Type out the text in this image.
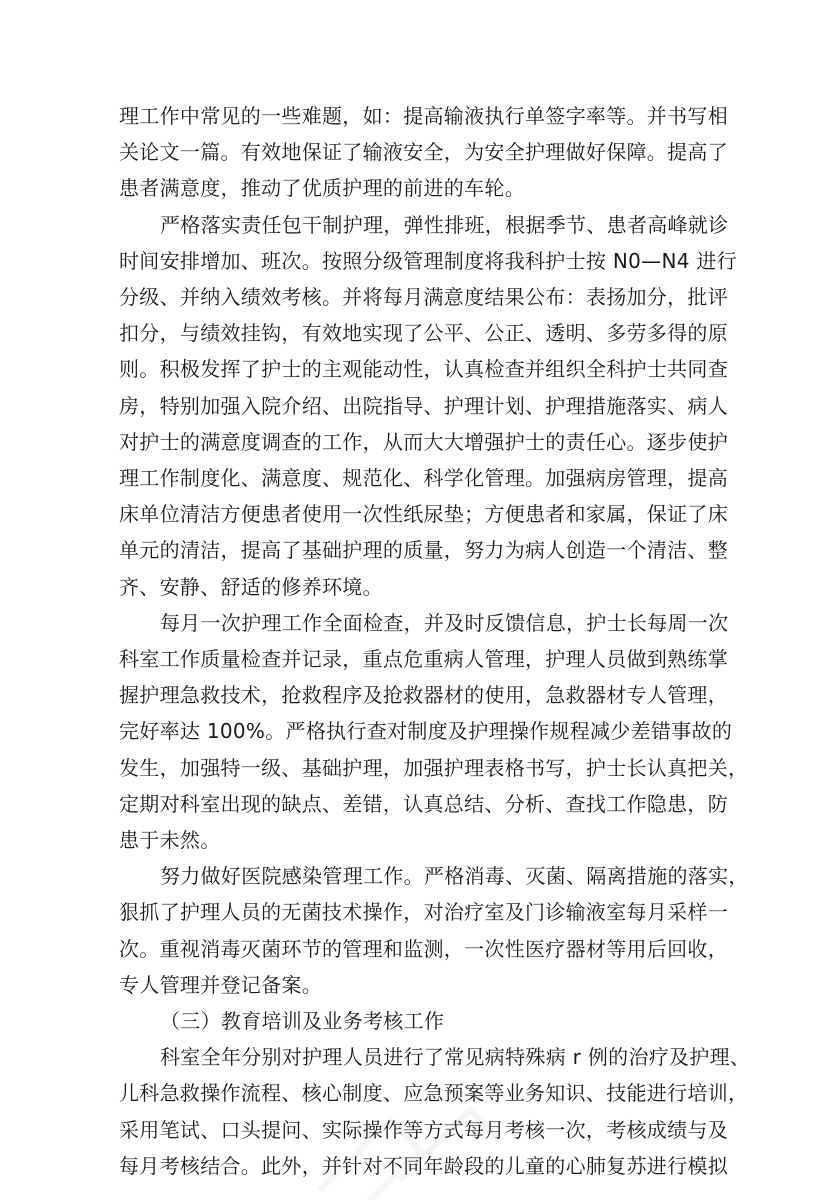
理工作中常见的一些难题，如：提高输液执行单签字率等。并书写相
关论文一篇。有效地保证了输液安全，为安全护理做好保障。提高了
患者满意度，推动了优质护理的前进的车轮。
严格落实责任包干制护理，弹性排班，根据季节、患者高峰就诊
时间安排增加、班次。按照分级管理制度将我科护士按 N0—N4 进行
分级、并纳入绩效考核。并将每月满意度结果公布：表扬加分，批评
扣分，与绩效挂钩，有效地实现了公平、公正、透明、多劳多得的原
则。积极发挥了护士的主观能动性，认真检查并组织全科护士共同查
房，特别加强入院介绍、出院指导、护理计划、护理措施落实、病人
对护士的满意度调查的工作，从而大大增强护士的责任心。逐步使护
理工作制度化、满意度、规范化、科学化管理。加强病房管理，提高
床单位清洁方便患者使用一次性纸尿垫；方便患者和家属，保证了床
单元的清洁，提高了基础护理的质量，努力为病人创造一个清洁、整
齐、安静、舒适的修养环境。
每月一次护理工作全面检查，并及时反馈信息，护士长每周一次
科室工作质量检查并记录，重点危重病人管理，护理人员做到熟练掌
握护理急救技术，抢救程序及抢救器材的使用，急救器材专人管理，
完好率达 100%。严格执行查对制度及护理操作规程减少差错事故的
发生，加强特一级、基础护理，加强护理表格书写，护士长认真把关，
定期对科室出现的缺点、差错，认真总结、分析、查找工作隐患，防
患于未然。
努力做好医院感染管理工作。严格消毒、灭菌、隔离措施的落实，
狠抓了护理人员的无菌技术操作，对治疗室及门诊输液室每月采样一
次。重视消毒灭菌环节的管理和监测，一次性医疗器材等用后回收，
专人管理并登记备案。
（三）教育培训及业务考核工作
科室全年分别对护理人员进行了常见病特殊病 r 例的治疗及护理、
儿科急救操作流程、核心制度、应急预案等业务知识、技能进行培训，
采用笔试、口头提问、实际操作等方式每月考核一次，考核成绩与及
每月考核结合。此外，并针对不同年龄段的儿童的心肺复苏进行模拟
